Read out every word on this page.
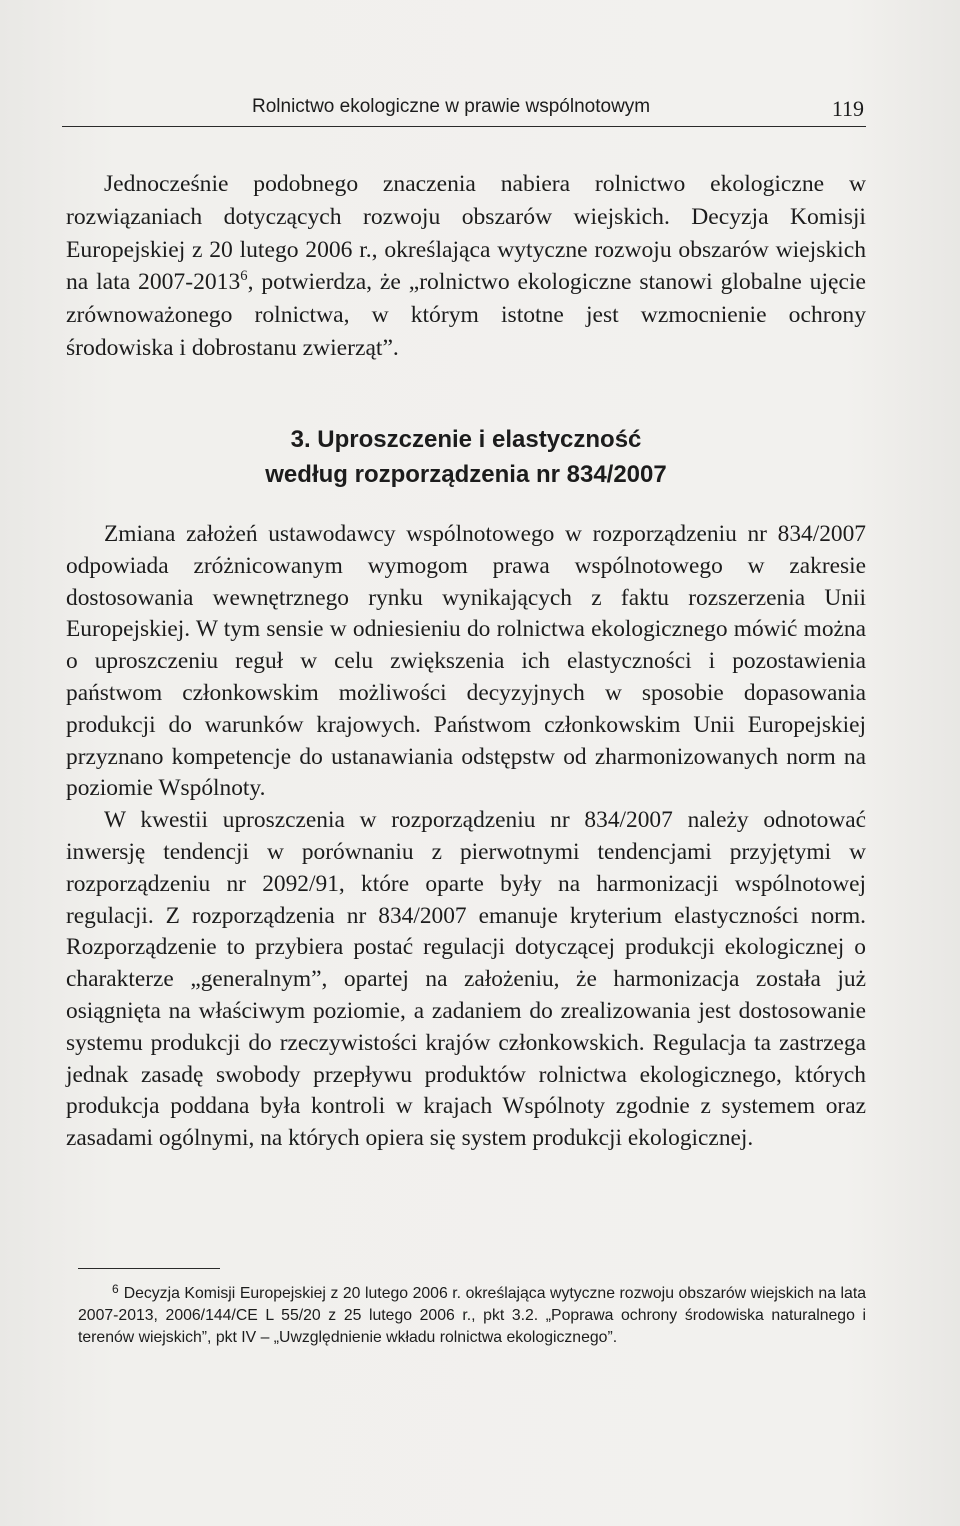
Rolnictwo ekologiczne w prawie wspólnotowym	119

Jednocześnie podobnego znaczenia nabiera rolnictwo ekologiczne w rozwiązaniach dotyczących rozwoju obszarów wiejskich. Decyzja Komisji Europejskiej z 20 lutego 2006 r., określająca wytyczne rozwoju obszarów wiejskich na lata 2007-2013$^6$, potwierdza, że „rolnictwo ekologiczne stanowi globalne ujęcie zrównoważonego rolnictwa, w którym istotne jest wzmocnienie ochrony środowiska i dobrostanu zwierząt”.

3. Uproszczenie i elastyczność
według rozporządzenia nr 834/2007

Zmiana założeń ustawodawcy wspólnotowego w rozporządzeniu nr 834/2007 odpowiada zróżnicowanym wymogom prawa wspólnotowego w zakresie dostosowania wewnętrznego rynku wynikających z faktu rozszerzenia Unii Europejskiej. W tym sensie w odniesieniu do rolnictwa ekologicznego mówić można o uproszczeniu reguł w celu zwiększenia ich elastyczności i pozostawienia państwom członkowskim możliwości decyzyjnych w sposobie dopasowania produkcji do warunków krajowych. Państwom członkowskim Unii Europejskiej przyznano kompetencje do ustanawiania odstępstw od zharmonizowanych norm na poziomie Wspólnoty.

W kwestii uproszczenia w rozporządzeniu nr 834/2007 należy odnotować inwersję tendencji w porównaniu z pierwotnymi tendencjami przyjętymi w rozporządzeniu nr 2092/91, które oparte były na harmonizacji wspólnotowej regulacji. Z rozporządzenia nr 834/2007 emanuje kryterium elastyczności norm. Rozporządzenie to przybiera postać regulacji dotyczącej produkcji ekologicznej o charakterze „generalnym”, opartej na założeniu, że harmonizacja została już osiągnięta na właściwym poziomie, a zadaniem do zrealizowania jest dostosowanie systemu produkcji do rzeczywistości krajów członkowskich. Regulacja ta zastrzega jednak zasadę swobody przepływu produktów rolnictwa ekologicznego, których produkcja poddana była kontroli w krajach Wspólnoty zgodnie z systemem oraz zasadami ogólnymi, na których opiera się system produkcji ekologicznej.

$^6$ Decyzja Komisji Europejskiej z 20 lutego 2006 r. określająca wytyczne rozwoju obszarów wiejskich na lata 2007-2013, 2006/144/CE L 55/20 z 25 lutego 2006 r., pkt 3.2. „Poprawa ochrony środowiska naturalnego i terenów wiejskich”, pkt IV – „Uwzględnienie wkładu rolnictwa ekologicznego”.
